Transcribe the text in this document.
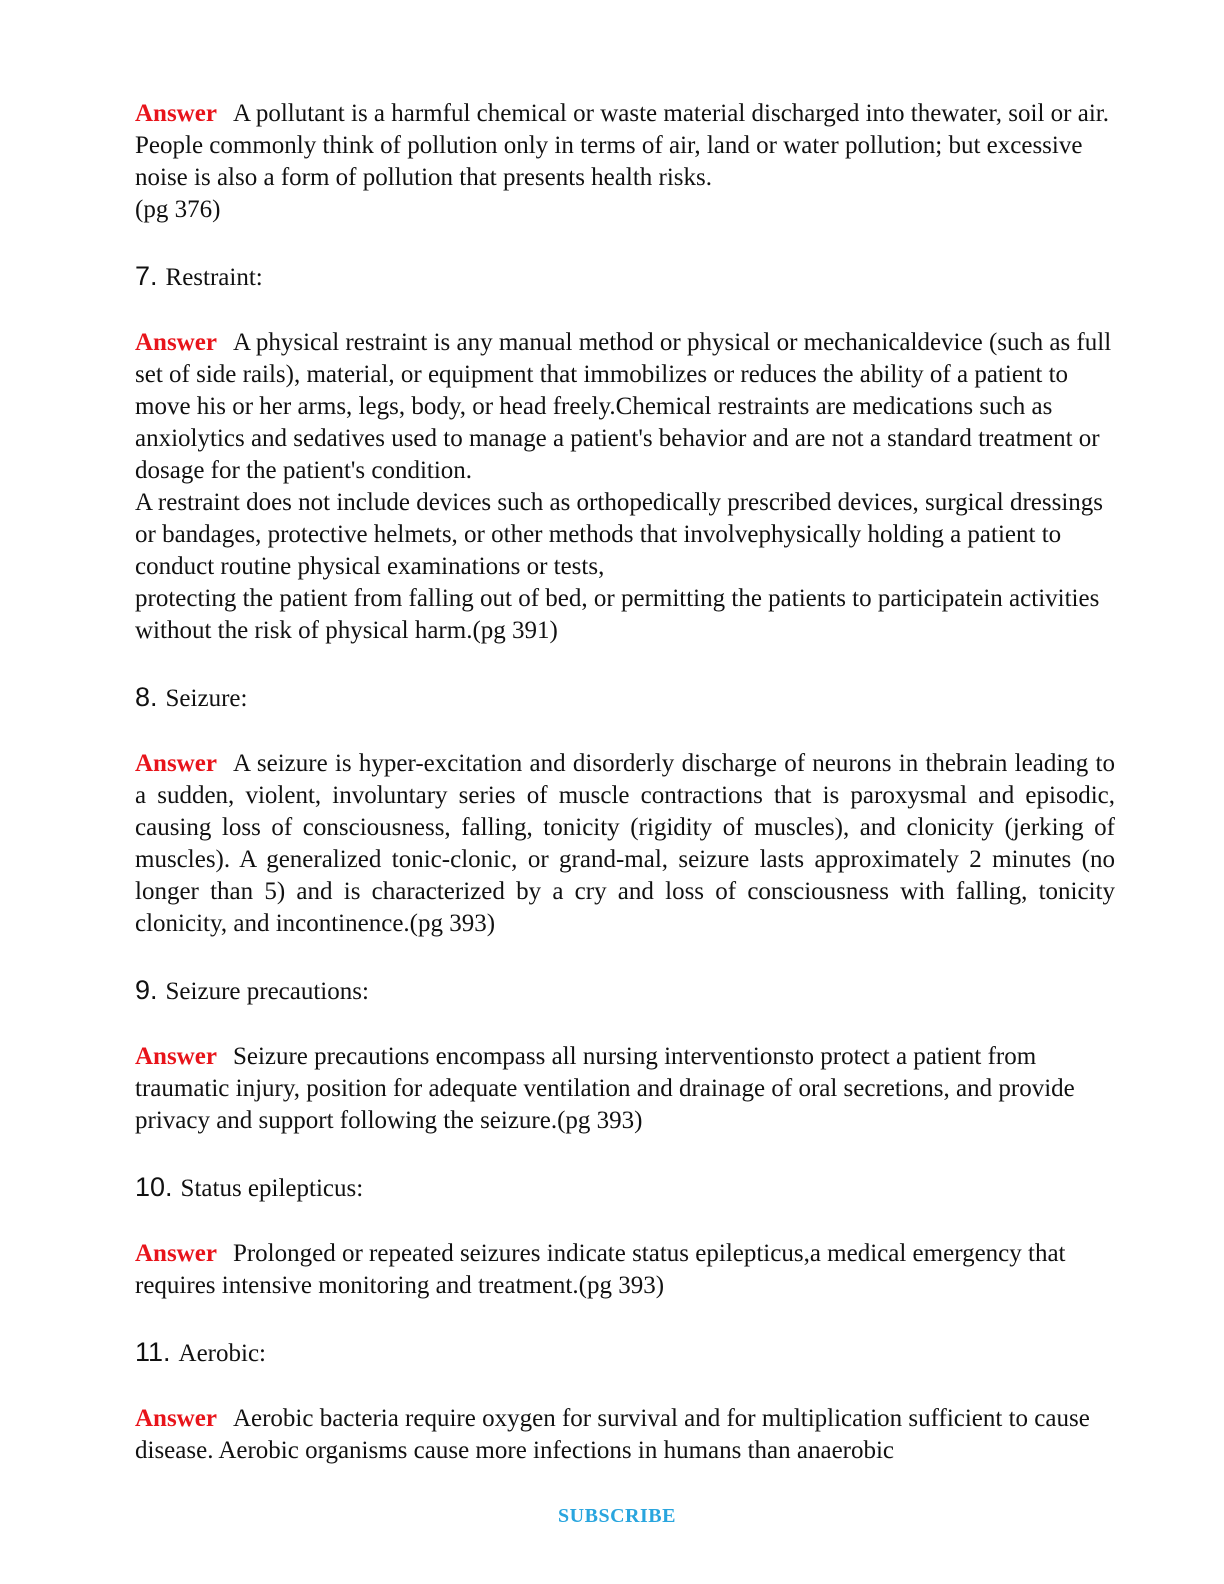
Answer A pollutant is a harmful chemical or waste material discharged into thewater, soil or air. People commonly think of pollution only in terms of air, land or water pollution; but excessive noise is also a form of pollution that presents health risks.

(pg 376)

7. Restraint:

Answer A physical restraint is any manual method or physical or mechanicaldevice (such as full set of side rails), material, or equipment that immobilizes or reduces the ability of a patient to move his or her arms, legs, body, or head freely.Chemical restraints are medications such as anxiolytics and sedatives used to manage a patient's behavior and are not a standard treatment or dosage for the patient's condition.

A restraint does not include devices such as orthopedically prescribed devices, surgical dressings or bandages, protective helmets, or other methods that involvephysically holding a patient to conduct routine physical examinations or tests,

protecting the patient from falling out of bed, or permitting the patients to participatein activities without the risk of physical harm.(pg 391)

8. Seizure:

Answer A seizure is hyper-excitation and disorderly discharge of neurons in thebrain leading to a sudden, violent, involuntary series of muscle contractions that is paroxysmal and episodic, causing loss of consciousness, falling, tonicity (rigidity of muscles), and clonicity (jerking of muscles). A generalized tonic-clonic, or grand-mal, seizure lasts approximately 2 minutes (no longer than 5) and is characterized by a cry and loss of consciousness with falling, tonicity clonicity, and incontinence.(pg 393)

9. Seizure precautions:

Answer Seizure precautions encompass all nursing interventionsto protect a patient from traumatic injury, position for adequate ventilation and drainage of oral secretions, and provide privacy and support following the seizure.(pg 393)

10. Status epilepticus:

Answer Prolonged or repeated seizures indicate status epilepticus,a medical emergency that requires intensive monitoring and treatment.(pg 393)

11. Aerobic:

Answer Aerobic bacteria require oxygen for survival and for multiplication sufficient to cause disease. Aerobic organisms cause more infections in humans than anaerobic

SUBSCRIBE
